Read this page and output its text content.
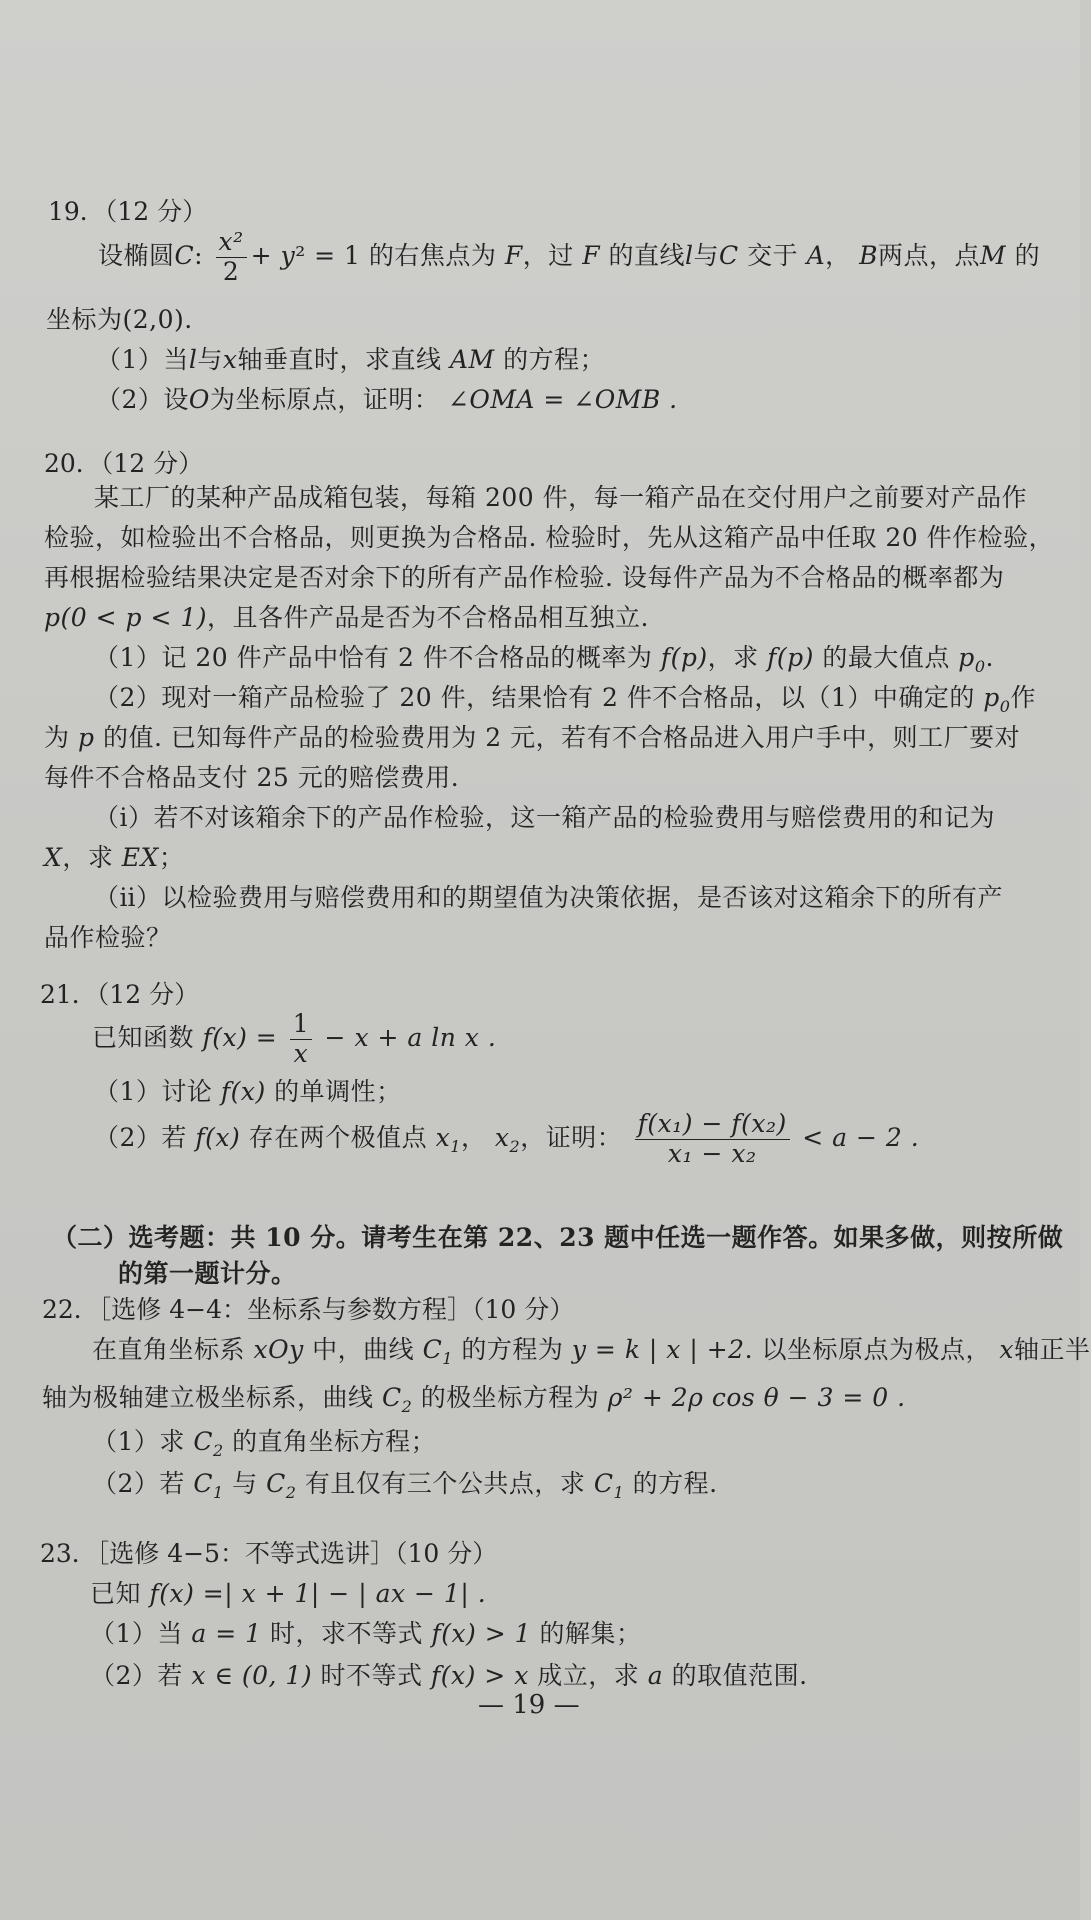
19．（12 分）
设椭圆C: $\frac{\text{x²}}{2} + y^2 = 1$ 的右焦点为 F，过 F 的直线l与C 交于 A， B两点，点M 的
坐标为(2,0).
（1）当l与x轴垂直时，求直线 AM 的方程；
（2）设O为坐标原点，证明： ∠OMA = ∠OMB .
20．（12 分）
某工厂的某种产品成箱包装，每箱 200 件，每一箱产品在交付用户之前要对产品作
检验，如检验出不合格品，则更换为合格品. 检验时，先从这箱产品中任取 20 件作检验，
再根据检验结果决定是否对余下的所有产品作检验. 设每件产品为不合格品的概率都为
p(0 < p < 1)，且各件产品是否为不合格品相互独立.
（1）记 20 件产品中恰有 2 件不合格品的概率为 f(p)，求 f(p) 的最大值点 $p_0$.
（2）现对一箱产品检验了 20 件，结果恰有 2 件不合格品，以（1）中确定的 $p_0$作
为 p 的值. 已知每件产品的检验费用为 2 元，若有不合格品进入用户手中，则工厂要对
每件不合格品支付 25 元的赔偿费用.
（ⅰ）若不对该箱余下的产品作检验，这一箱产品的检验费用与赔偿费用的和记为
X，求 EX；
（ⅱ）以检验费用与赔偿费用和的期望值为决策依据，是否该对这箱余下的所有产
品作检验？
21．（12 分）
已知函数 $f(x) = \frac{1}{x} - x + a$ ln x .
（1）讨论 f(x) 的单调性；
（2）若 f(x) 存在两个极值点 $x_1$， $x_2$，证明： $\frac{\text{f(x₁) − f(x₂)}}{\text{x₁ − x₂}} < a - 2$ .
（二）选考题：共 10 分。请考生在第 22、23 题中任选一题作答。如果多做，则按所做
的第一题计分。
22．［选修 4−4：坐标系与参数方程］（10 分）
在直角坐标系 xOy 中，曲线 $C_1$ 的方程为 y = k | x | +2. 以坐标原点为极点， x轴正半
轴为极轴建立极坐标系，曲线 $C_2$ 的极坐标方程为 ρ² + 2ρ cos θ − 3 = 0 .
（1）求 $C_2$ 的直角坐标方程；
（2）若 $C_1$ 与 $C_2$ 有且仅有三个公共点，求 $C_1$ 的方程.
23．［选修 4−5：不等式选讲］（10 分）
已知 f(x) =| x + 1| − | ax − 1| .
（1）当 a = 1 时，求不等式 f(x) > 1 的解集；
（2）若 x ∈ (0, 1) 时不等式 f(x) > x 成立，求 a 的取值范围.
— 19 —
